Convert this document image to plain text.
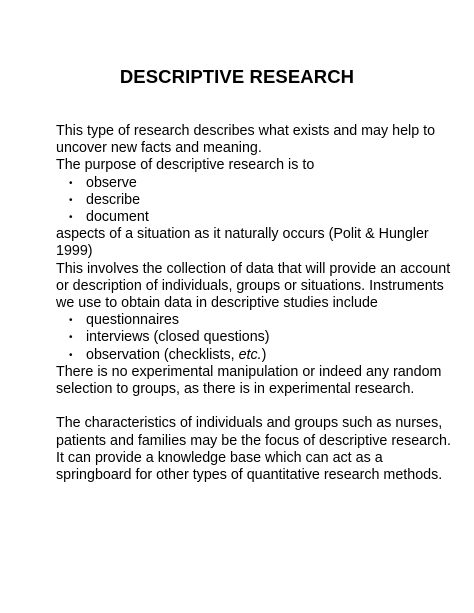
DESCRIPTIVE RESEARCH

This type of research describes what exists and may help to uncover new facts and meaning.

The purpose of descriptive research is to

• observe
• describe
• document

aspects of a situation as it naturally occurs (Polit & Hungler 1999)

This involves the collection of data that will provide an account or description of individuals, groups or situations. Instruments we use to obtain data in descriptive studies include

• questionnaires
• interviews (closed questions)
• observation (checklists, etc.)

There is no experimental manipulation or indeed any random selection to groups, as there is in experimental research.

The characteristics of individuals and groups such as nurses, patients and families may be the focus of descriptive research. It can provide a knowledge base which can act as a springboard for other types of quantitative research methods.
